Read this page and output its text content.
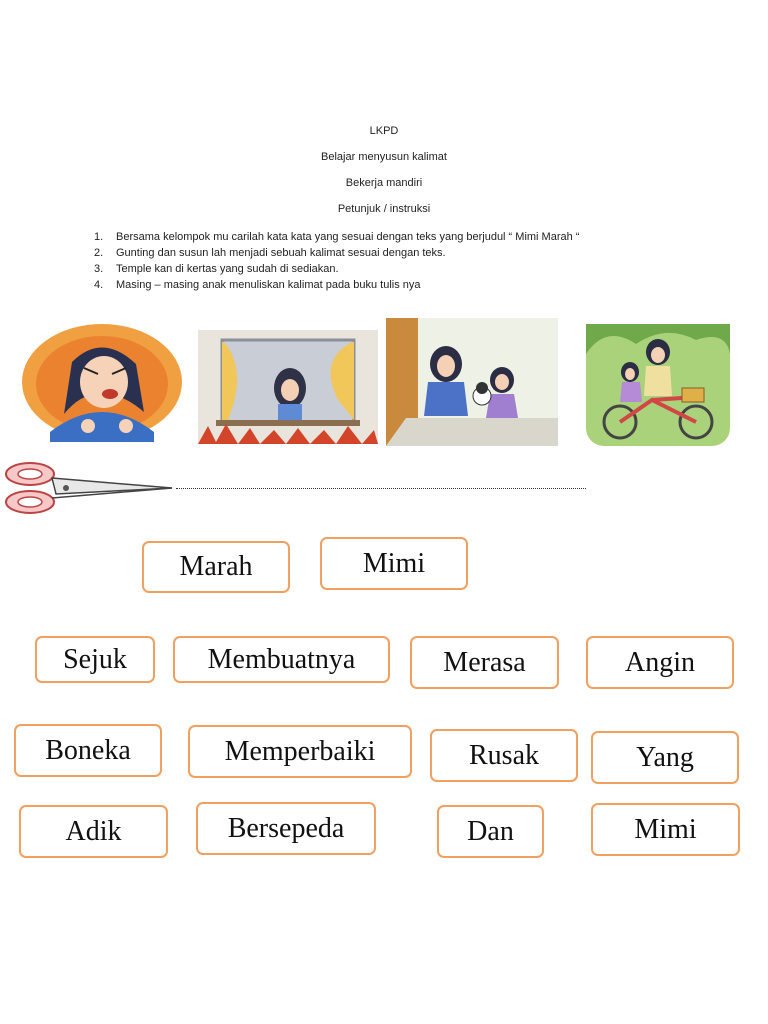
LKPD
Belajar menyusun kalimat
Bekerja mandiri
Petunjuk / instruksi
1.	Bersama kelompok mu carilah kata kata yang sesuai dengan teks yang berjudul “ Mimi Marah “
2.	Gunting dan susun lah menjadi sebuah kalimat sesuai dengan teks.
3.	Temple kan di kertas yang sudah di sediakan.
4.	Masing – masing anak menuliskan kalimat pada buku tulis nya
Marah	Mimi
Sejuk	Membuatnya	Merasa	Angin
Boneka	Memperbaiki	Rusak	Yang
Adik	Bersepeda	Dan	Mimi
